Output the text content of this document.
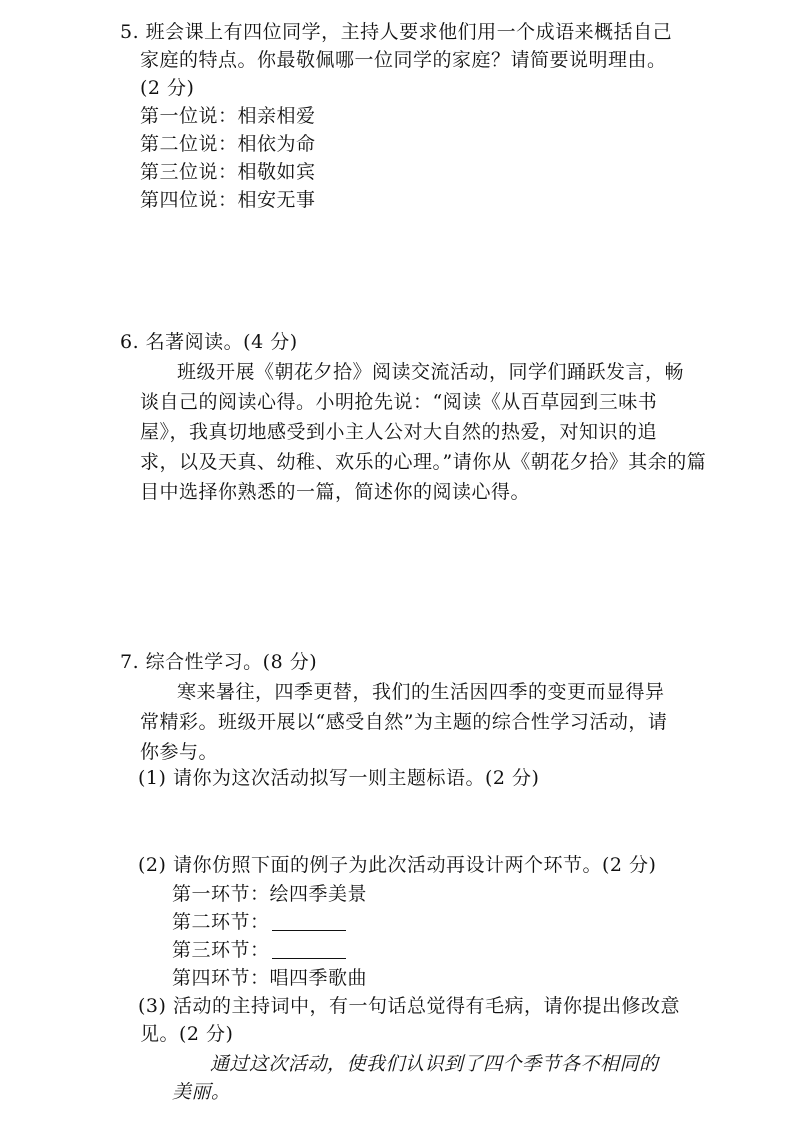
5. 班会课上有四位同学，主持人要求他们用一个成语来概括自己
家庭的特点。你最敬佩哪一位同学的家庭？请简要说明理由。
(2 分)
第一位说：相亲相爱
第二位说：相依为命
第三位说：相敬如宾
第四位说：相安无事
6. 名著阅读。(4 分)
班级开展《朝花夕拾》阅读交流活动，同学们踊跃发言，畅
谈自己的阅读心得。小明抢先说：“阅读《从百草园到三味书
屋》，我真切地感受到小主人公对大自然的热爱，对知识的追
求，以及天真、幼稚、欢乐的心理。”请你从《朝花夕拾》其余的篇
目中选择你熟悉的一篇，简述你的阅读心得。
7. 综合性学习。(8 分)
寒来暑往，四季更替，我们的生活因四季的变更而显得异
常精彩。班级开展以“感受自然”为主题的综合性学习活动，请
你参与。
(1) 请你为这次活动拟写一则主题标语。(2 分)
(2) 请你仿照下面的例子为此次活动再设计两个环节。(2 分)
第一环节：绘四季美景
第二环节：
第三环节：
第四环节：唱四季歌曲
(3) 活动的主持词中，有一句话总觉得有毛病，请你提出修改意
见。(2 分)
通过这次活动，使我们认识到了四个季节各不相同的
美丽。
